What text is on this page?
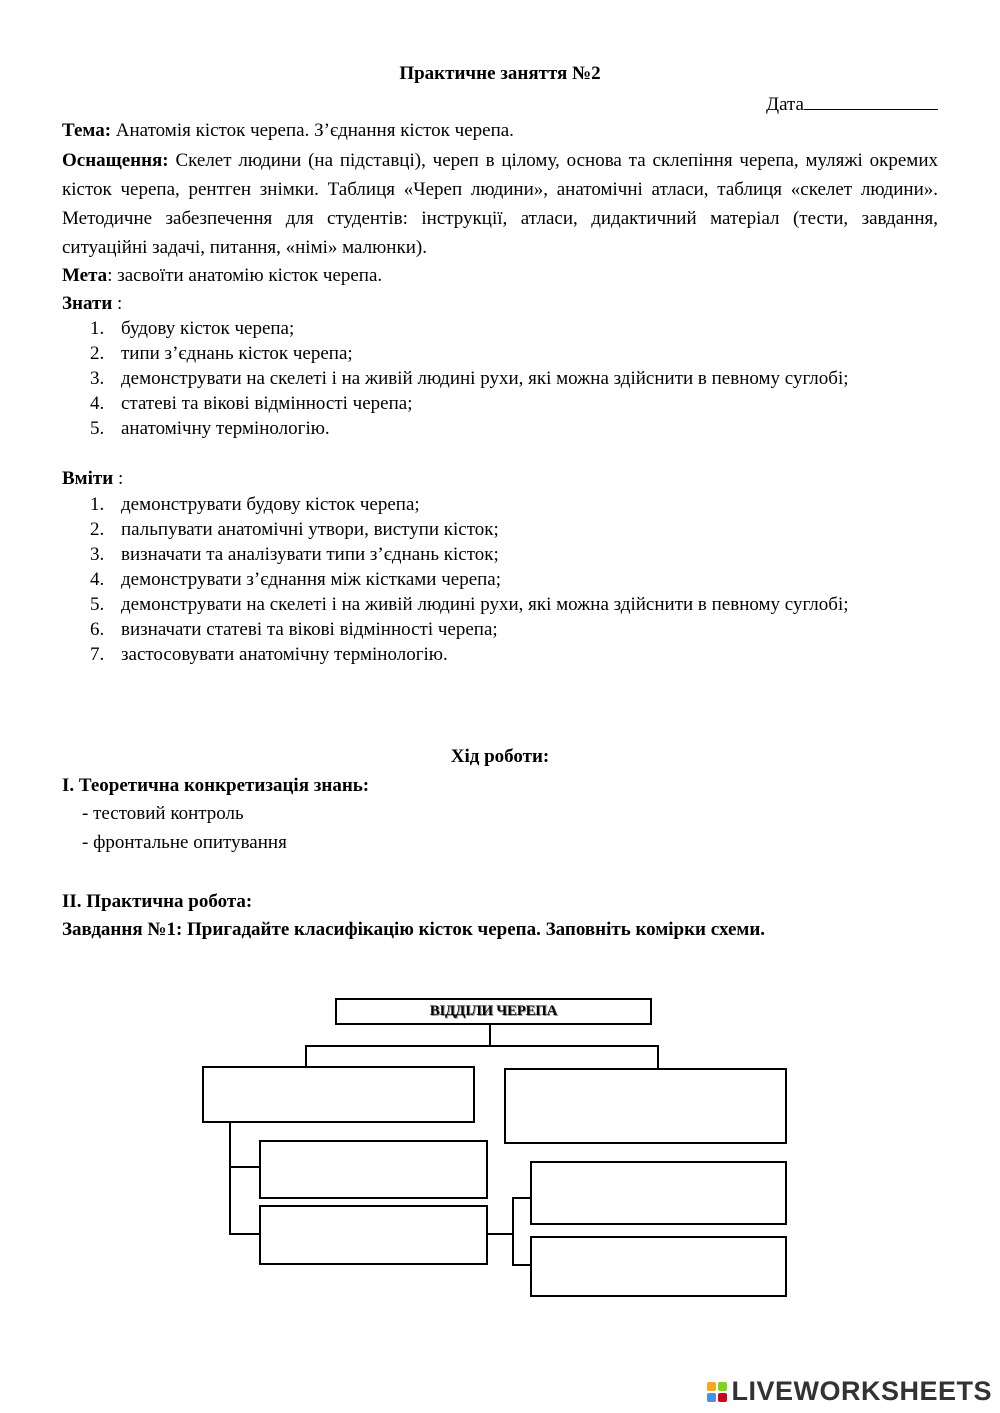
Практичне заняття №2
Дата
Тема: Анатомія кісток черепа. З’єднання кісток черепа.
Оснащення: Скелет людини (на підставці), череп в цілому, основа та склепіння черепа, муляжі окремих кісток черепа, рентген знімки. Таблиця «Череп людини», анатомічні атласи, таблиця «скелет людини». Методичне забезпечення для студентів: інструкції, атласи, дидактичний матеріал (тести, завдання, ситуаційні задачі, питання, «німі» малюнки).
Мета: засвоїти анатомію кісток черепа.
Знати :
1. будову кісток черепа;
2. типи з’єднань кісток черепа;
3. демонструвати на скелеті і на живій людині рухи, які можна здійснити в певному суглобі;
4. статеві та вікові відмінності черепа;
5. анатомічну термінологію.
Вміти :
1. демонструвати будову кісток черепа;
2. пальпувати анатомічні утвори, виступи кісток;
3. визначати та аналізувати типи з’єднань кісток;
4. демонструвати з’єднання між кістками черепа;
5. демонструвати на скелеті і на живій людині рухи, які можна здійснити в певному суглобі;
6. визначати статеві та вікові відмінності черепа;
7. застосовувати анатомічну термінологію.
Хід роботи:
І. Теоретична конкретизація знань:
- тестовий контроль
- фронтальне опитування
ІІ. Практична робота:
Завдання №1: Пригадайте класифікацію кісток черепа. Заповніть комірки схеми.
ВІДДІЛИ ЧЕРЕПА
LIVEWORKSHEETS
